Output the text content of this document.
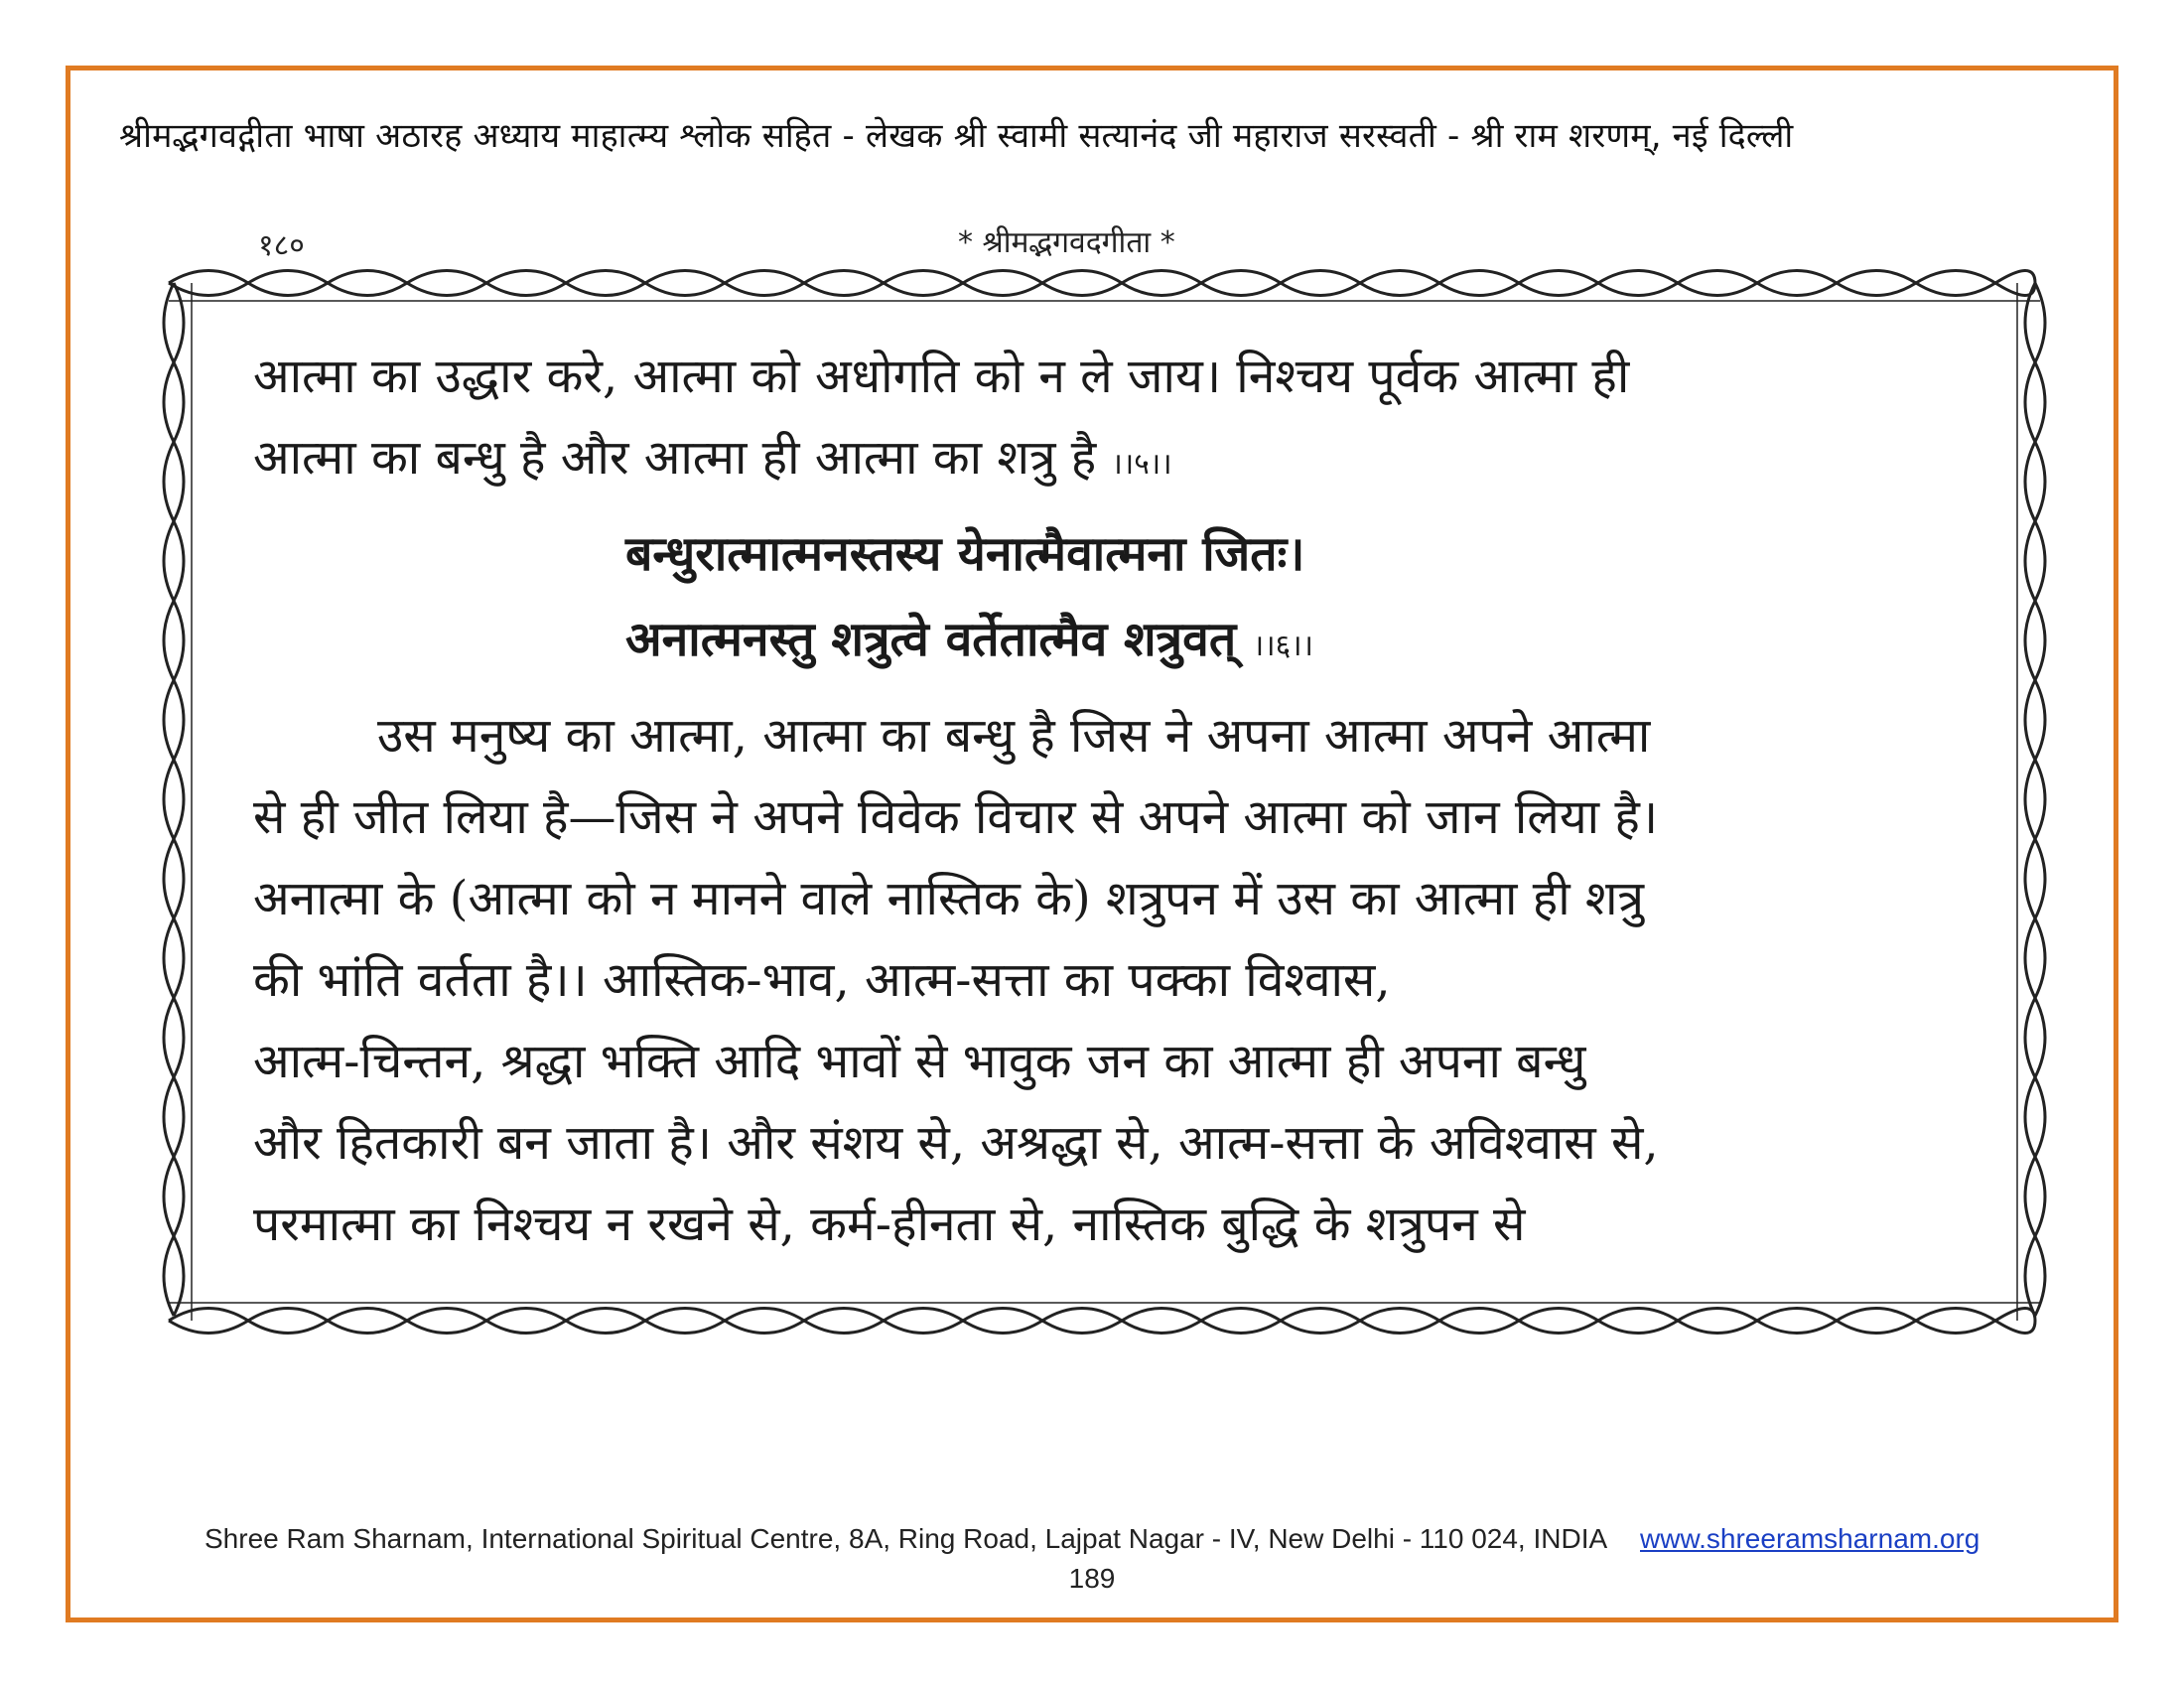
श्रीमद्भगवद्गीता भाषा अठारह अध्याय माहात्म्य श्लोक सहित - लेखक श्री स्वामी सत्यानंद जी महाराज सरस्वती - श्री राम शरणम्, नई दिल्ली
१८०	* श्रीमद्भगवदगीता *

आत्मा का उद्धार करे, आत्मा को अधोगति को न ले जाय। निश्चय पूर्वक आत्मा ही

आत्मा का बन्धु है और आत्मा ही आत्मा का शत्रु है ।।५।।

बन्धुरात्मात्मनस्तस्य येनात्मैवात्मना जितः।

अनात्मनस्तु शत्रुत्वे वर्तेतात्मैव शत्रुवत् ।।६।।

उस मनुष्य का आत्मा, आत्मा का बन्धु है जिस ने अपना आत्मा अपने आत्मा

से ही जीत लिया है—जिस ने अपने विवेक विचार से अपने आत्मा को जान लिया है।

अनात्मा के (आत्मा को न मानने वाले नास्तिक के) शत्रुपन में उस का आत्मा ही शत्रु

की भांति वर्तता है।। आस्तिक-भाव, आत्म-सत्ता का पक्का विश्वास,

आत्म-चिन्तन, श्रद्धा भक्ति आदि भावों से भावुक जन का आत्मा ही अपना बन्धु

और हितकारी बन जाता है। और संशय से, अश्रद्धा से, आत्म-सत्ता के अविश्वास से,

परमात्मा का निश्चय न रखने से, कर्म-हीनता से, नास्तिक बुद्धि के शत्रुपन से

Shree Ram Sharnam, International Spiritual Centre, 8A, Ring Road, Lajpat Nagar - IV, New Delhi - 110 024, INDIA www.shreeramsharnam.org
189
